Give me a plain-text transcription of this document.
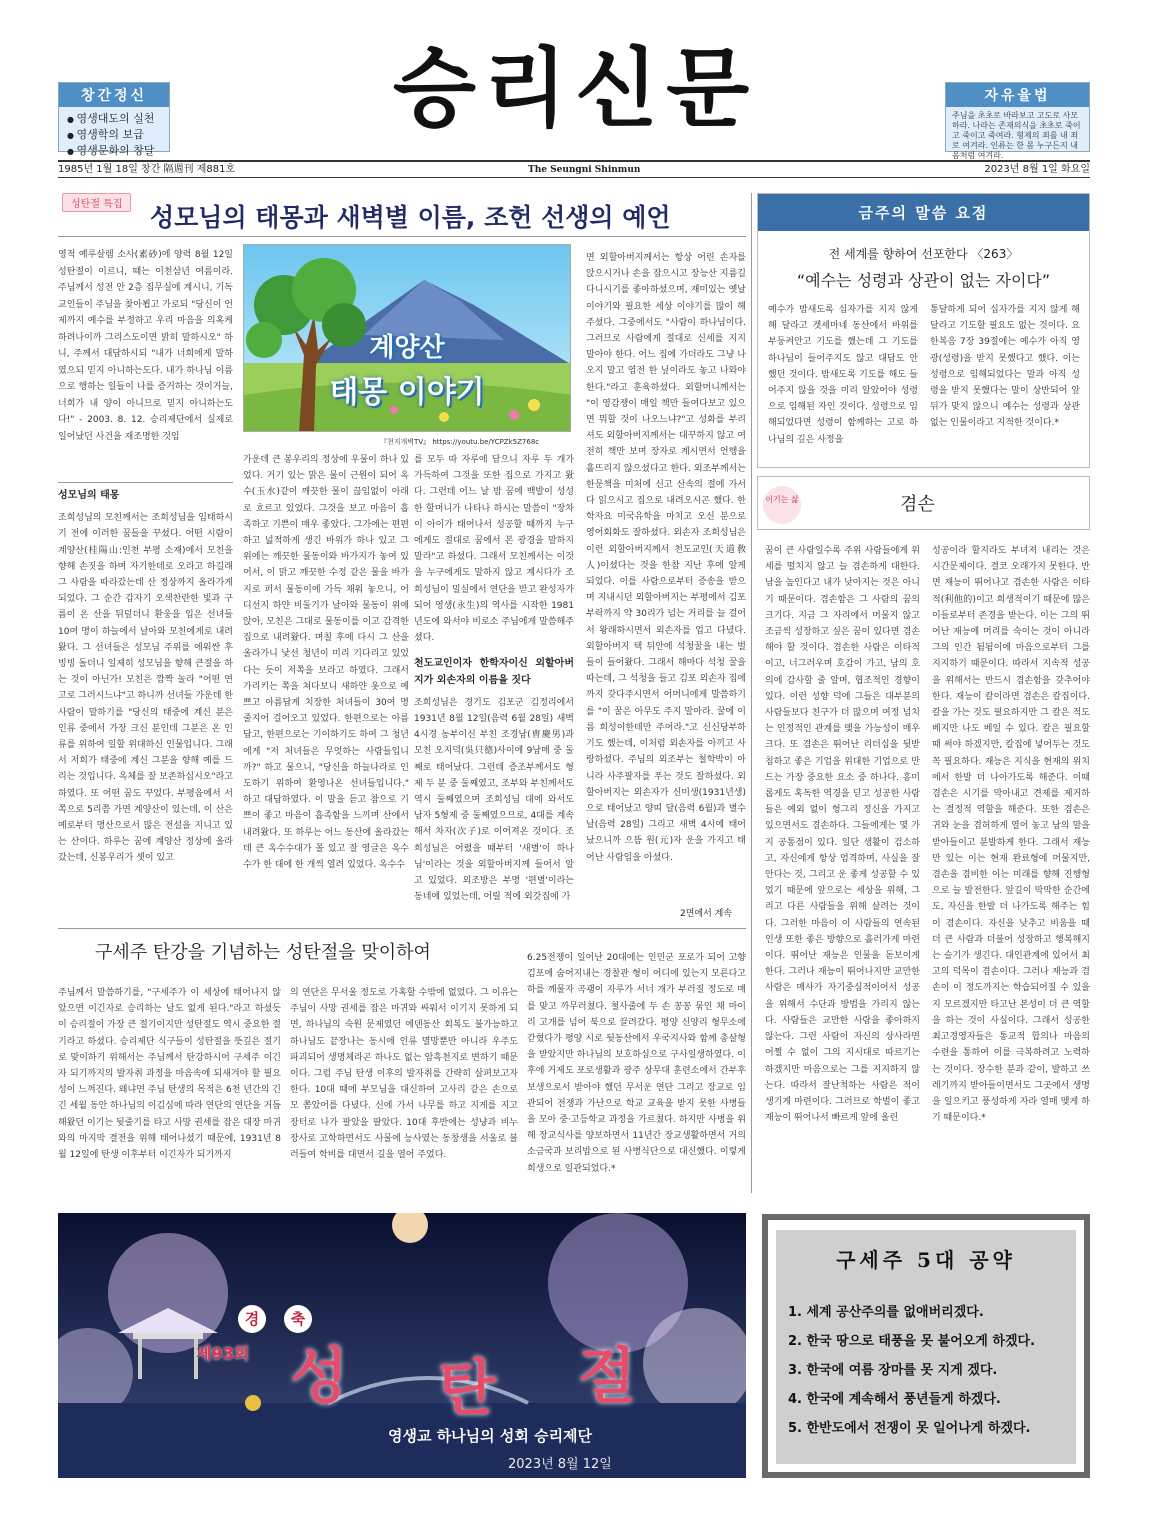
창간정신
● 영생대도의 실천
● 영생학의 보급
● 영생문화의 창달
승리신문	자유율법

주님을 초초로 바라보고 고도로 사모하라. 나라는 존재의식을 초초로 죽이고 죽이고 죽여라. 형제의 죄를 내 죄로 여겨라. 인류는 한 몸 누구든지 내몸처럼 여겨라.

1985년 1월 18일 창간 隔週刊 제881호	The Seungni Shinmun	2023년 8월 1일 화요일
성탄절 특집	성모님의 태몽과 새벽별 이름, 조헌 선생의 예언
영적 예루살렘 소사(素砂)에 양력 8월 12일 성탄절이 이르니, 때는 이천삼년 여름이라. 주님께서 성전 안 2층 집무실에 계시니, 기독교인들이 주님을 찾아뵙고 가로되 "당신이 언제까지 예수를 부정하고 우리 마음을 의혹케 하려나이까 그리스도이면 밝히 말하시오" 하니, 주께서 대답하시되 "내가 너희에게 말하였으되 믿지 아니하는도다. 내가 하나님 이름으로 행하는 일들이 나를 증거하는 것이거늘, 너희가 내 양이 아니므로 믿지 아니하는도다!" - 2003. 8. 12. 승리제단에서 실제로 일어났던 사건을 재조명한 것임
성모님의 태몽
조희성님의 모친께서는 조희성님을 임태하시기 전에 이러한 꿈들을 꾸셨다. 어떤 시람이 계양산(桂陽山:인천 부평 소재)에서 모친을 향해 손짓을 하며 자기한테로 오라고 하길래 그 사람을 따라갔는데 산 정상까지 올라가게 되었다. 그 순간 갑자기 오색찬란한 빛과 구름이 온 산을 뒤덮더니 환웅을 입은 선녀들 10여 명이 하늘에서 날아와 모친에게로 내려왔다. 그 선녀들은 성모님 주위를 에워싼 후 빙빙 돌더니 일제히 성모님을 향해 큰절을 하는 것이 아닌가! 모친은 깜짝 놀라 "어떤 연고로 그러시느냐"고 하니까 선녀들 가운데 한 사람이 말하기를 "당신의 태중에 계신 분은 인류 중에서 가장 크신 분인데 그분은 온 인류를 위하여 일할 위대하신 인물입니다. 그래서 저희가 태중에 계신 그분을 향해 예를 드리는 것입니다. 옥체를 잘 보존하십시오"라고 하였다. 또 어떤 꿈도 꾸었다. 부평읍에서 서쪽으로 5리쯤 가면 계양산이 있는데, 이 산은 예로부터 명산으로서 많은 전설을 지니고 있는 산이다. 하루는 꿈에 계양산 정상에 올라갔는데, 신봉우리가 셋이 있고
계양산
태몽 이야기
『천지개벽TV』 https://youtu.be/YCPZk5Z768c
가운데 큰 봉우리의 정상에 우물이 하나 있었다. 거기 있는 맑은 물이 근원이 되어 옥수(玉水)같이 깨끗한 물이 끊임없이 아래로 흐르고 있었다. 그것을 보고 마음이 흡족하고 기쁜이 매우 좋았다. 그가에는 편편하고 넓적하게 생긴 바위가 하나 있고 그 위에는 깨끗한 물동이와 바가지가 놓여 있어서, 이 맑고 깨끗한 수정 같은 물을 바가지로 퍼서 물동이에 가득 채워 놓으니, 어디선지 하얀 비둘기가 날아와 물동이 위에 앉아, 모친은 그대로 물동이를 이고 감격한 집으로 내려왔다. 며칠 후에 다시 그 산을 올라가니 낯선 청년이 미리 기다리고 있었다는 듯이 저쪽을 보라고 하였다. 그래서 가리키는 쪽을 쳐다보니 새하얀 옷으로 예쁘고 아름답게 치장한 처녀들이 30여 명 줄지어 걸어오고 있었다. 한편으로는 아름답고, 한편으로는 기이하기도 하여 그 청년에게 "저 처녀들은 무엇하는 사람들입니까?" 하고 물으니, "당신을 하늘나라로 인도하기 위하여 환영나온 선녀들입니다." 하고 대답하였다. 이 말을 듣고 참으로 기쁘이 좋고 마음이 흡족함을 느끼며 산에서 내려왔다. 또 하루는 어느 동산에 올라갔는데 큰 옥수수대가 몰 있고 잘 영글은 옥수수가 한 대에 한 개씩 열려 있었다. 옥수수
를 모두 따 자루에 담으니 자루 두 개가 가득하여 그것을 또한 집으로 가지고 왔다. 그런데 어느 날 밤 꿈에 백발이 성성한 할머니가 나타나 하시는 말씀이 "장차 이 아이가 태어나서 성공할 때까지 누구에게도 절대로 꿈에서 본 광경을 말하지 말라"고 하셨다. 그래서 모친께서는 이것을 누구에게도 말하지 않고 계시다가 조희성님이 밀실에서 연단을 받고 완성자가 되어 영생(永生)의 역사를 시작한 1981년도에 와서야 비로소 주님에게 말씀해주셨다.
천도교인이자 한학자이신 외할아버지가 외손자의 이름을 짓다
조희성님은 경기도 김포군 김정리에서 1931년 8월 12일(음력 6월 28일) 새벽 4시경 농부이신 부친 조경남(曺慶男)과 모친 오지덕(吳只德)사이에 9남매 중 둘째로 태어났다. 그런데 증조부께서도 형제 두 분 중 둘째였고, 조부와 부친께서도 역시 둘째였으며 조희성님 대에 와서도 남자 5형제 중 둘째였으므로, 4대를 계속해서 차자(次子)로 이어져온 것이다. 조희성님은 어렸을 때부터 '새별'이 하나님'이라는 것을 외할아버지께 들어서 알고 있었다. 외조방은 부명 '편별'이라는 동네에 있었는데, 어릴 적에 외갓집에 가
면 외할아버지께서는 항상 어린 손자를 앉으시거나 손을 잡으시고 장능산 지름길 다니시기를 좋아하셨으며, 재미있는 옛날이야기와 필요한 세상 이야기를 많이 해 주셨다. 그중에서도 "사람이 하나님이다. 그러므로 사람에게 절대로 신세를 지지 말아야 한다. 어느 집에 가더라도 그냥 나오지 말고 염전 한 닢이라도 놓고 나와야 한다."라고 훈육하셨다. 외할머니께서는 "이 영감쟁이 매일 책만 들여다보고 있으면 뭐할 것이 나오느냐?"고 성화를 부리셔도 외할아버지께서는 대꾸하지 않고 여전히 책만 보며 장자로 계시면서 언행을 흩뜨리지 않으셨다고 한다. 외조부께서는 한문책을 미처에 신고 산속의 절에 가서 다 읽으시고 집으로 내려오시곤 했다. 한학자요 미국유학을 마치고 오신 분으로 영어회화도 잘하셨다. 외손자 조희성님은 이런 외할아버지께서 천도교인(天道敎人)이셨다는 것을 한참 지난 후에 알게 되었다. 이를 사람으로부터 증송을 받으며 지내시던 외할아버지는 부평에서 김포 부락까지 약 30리가 넘는 거리를 늘 걸어서 왕래하시면서 외손자를 업고 다녔다. 외할아버지 택 뒤안에 석청꿀을 내는 벌들이 들어왔다. 그래서 해마다 석청 꿀을 따는데, 그 석청을 들고 김포 외손자 집에까지 갖다주시면서 어머니에게 말씀하기를 "이 꿀은 아무도 주지 말아라. 꿀에 이름 희성이한테만 주어라."고 신신당부하기도 했는데, 이처럼 외손자를 아끼고 사랑하셨다. 주님의 외조부는 철학박이 아니라 사주팔자를 푸는 것도 잘하셨다. 외할아버지는 외손자가 신미생(1931년생)으로 태어났고 양띠 달(음력 6월)과 별수 날(음력 28일) 그리고 새벽 4시에 태어났으니까 으뜸 원(元)자 운을 가지고 태어난 사람임을 아셨다.
2면에서 계속
금주의 말씀 요점
전 세계를 향하여 선포한다 〈263〉
“예수는 성령과 상관이 없는 자이다”
예수가 밤새도록 십자가를 지지 않게 해 달라고 겟세마네 동산에서 바위를 부둥켜안고 기도를 했는데 그 기도를 하나님이 들어주지도 않고 대답도 안 했던 것이다. 밤새도록 기도를 해도 들어주지 않을 것을 미리 알았어야 성령으로 임해된 자인 것이다. 성령으로 임해되었다면 성령이 함께하는 고로 하나님의 깊은 사정을
통달하게 되어 십자가를 지지 않게 해 달라고 기도할 필요도 없는 것이다. 요한복음 7장 39절에는 예수가 아직 영광(성령)을 받지 못했다고 했다. 이는 성령으로 임해되었다는 말과 아직 성령을 받지 못했다는 말이 상반되어 앞뒤가 맞지 않으니 예수는 성령과 상관없는 인물이라고 지적한 것이다.*
이기는 삶	겸손
꿈이 큰 사람일수록 주위 사람들에게 위세를 떨치지 않고 늘 겸손하게 대한다. 남을 높인다고 내가 낮아지는 것은 아니기 때문이다. 겸손함은 그 사람의 꿈의 크기다. 지금 그 자리에서 머물지 않고 조금씩 성장하고 싶은 꿈이 있다면 겸손해야 할 것이다. 겸손한 사람은 이타적이고, 너그러우며 호감이 가고, 남의 호의에 감사할 줄 알며, 협조적인 경향이 있다. 이런 성향 덕에 그들은 대부분의 사람들보다 친구가 더 많으며 여정 넘치는 인정적인 관계를 맺을 가능성이 매우 크다. 또 겸손은 뛰어난 리더십을 뒷받침하고 좋은 기업을 위대한 기업으로 만드는 가장 중요한 요소 중 하나다. 흥미롭게도 혹독한 역경을 딛고 성공한 사람들은 예외 없이 헝그리 정신을 가지고 있으면서도 겸손하다. 그들에게는 몇 가지 공통점이 있다. 일단 생활이 검소하고, 자신에게 항상 엄격하며, 사실을 잘 안다는 것, 그리고 운 좋게 성공할 수 있었기 때문에 앞으로는 세상을 위해, 그리고 다른 사람들을 위해 살려는 것이다. 그러한 마음이 이 사람들의 연속된 인생 또한 좋은 방향으로 흘러가게 마련이다. 뛰어난 재능은 인물을 돋보이게 한다. 그러나 재능이 뛰어나지만 교만한 사람은 매사가 자기중심적이어서 성공을 위해서 수단과 방법을 가리지 않는다. 사람들은 교만한 사람을 좋아하지 않는다. 그런 사람이 자신의 상사라면 어쩔 수 없이 그의 지시대로 따르기는 하겠지만 마음으로는 그를 지지하지 않는다. 따라서 잘난척하는 사람은 적이 생기게 마련이다. 그러므로 학벌이 좋고 재능이 뛰어나서 빠르게 앞에 올린
성공이라 할지라도 부녀져 내리는 것은 시간문제이다. 결코 오래가지 못한다. 반면 재능이 뛰어나고 겸손한 사람은 이타적(利他的)이고 희생적이기 때문에 많은 이들로부터 존경을 받는다. 이는 그의 뛰어난 재능에 머리를 숙이는 것이 아니라 그의 인간 됨됨이에 마음으로부터 그를 지지하기 때문이다. 따라서 지속적 성공을 위해서는 반드시 겸손함을 갖추어야 한다. 재능이 칼이라면 겸손은 칼집이다. 칼을 가는 것도 필요하지만 그 칼은 적도 베지만 나도 베일 수 있다. 칼은 필요할 때 써야 하겠지만, 칼집에 넣어두는 것도 꼭 필요하다. 재능은 지식을 현재의 위치에서 한발 더 나아가도록 해준다. 이때 겸손은 시기를 막아내고 견제를 제거하는 결정적 역할을 해준다. 또한 겸손은 귀와 눈을 겸허하게 열어 놓고 남의 말을 받아들이고 분발하게 한다. 그래서 재능만 있는 이는 현재 완료형에 머물지만, 겸손을 겸비한 이는 미래를 향해 진행형으로 늘 발전한다. 앞길이 막막한 순간에도, 자신을 한발 더 나가도록 해주는 힘이 겸손이다. 자신을 낮추고 비움을 때 더 큰 사람과 더불어 성장하고 행복해지는 슬기가 생긴다. 대인관계에 있어서 최고의 덕목이 겸손이다. 그러나 재능과 겸손이 이 정도까지는 학습되어질 수 있을지 모르겠지만 타고난 본성이 더 큰 역할을 하는 것이 사실이다. 그래서 성공한 최고경영자들은 통교적 합의나 마음의 수련을 통하여 이를 극복하려고 노력하는 것이다. 장수한 분과 같이, 발하고 쓰레기까지 받아들이면서도 그곳에서 생명을 일으키고 풍성하게 자라 열매 맺게 하기 때문이다.*
구세주 탄강을 기념하는 성탄절을 맞이하여
주님께서 말씀하기를, "구세주가 이 세상에 태어나지 않았으면 이긴자로 승리하는 날도 없게 된다."라고 하셨듯이 승리절이 가장 큰 절기이지만 성탄절도 역시 중요한 절기라고 하셨다. 승리제단 식구들이 성탄절을 뜻깊은 절기로 맞이하기 위해서는 주님께서 탄강하시어 구세주 이긴자 되기까지의 발자취 과정을 마음속에 되새겨야 할 필요성이 느껴진다. 왜냐면 주님 탄생의 목적은 6천 년간의 긴긴 세월 동안 하나님의 이김심에 따라 연단의 연단을 거듭해왔던 이기는 뒷줄기를 타고 사망 권세를 잡은 대장 마귀와의 마지막 결전을 위해 태어나셨기 때문에, 1931년 8월 12일에 탄생 이후부터 이긴자가 되기까지
의 연단은 무서울 정도로 가혹할 수밖에 없었다. 그 이유는 주님이 사망 권세를 잡은 마귀와 싸워서 이기지 못하게 되면, 하나님의 숙원 문제였던 에덴동산 회복도 불가능하고 하나님도 끝장나는 동시에 인류 멸망뿐만 아니라 우주도 파괴되어 생명체라곤 하나도 없는 암흑천지로 변하기 때문이다. 그럼 주님 탄생 이후의 발자취를 간략히 살펴보고자 한다. 10대 때에 부모님을 대신하여 고사리 같은 손으로 모 쫌았어를 다녔다. 신에 가서 나무를 하고 지게를 지고 장터로 나가 팔았을 팔았다. 10대 후반에는 성냥과 비누 장사로 고학하면서도 사물에 능사였는 동창생을 서울로 불러들여 학비를 대면서 길을 열어 주었다.
6.25전쟁이 일어난 20대에는 인민군 포로가 되어 고향 김포에 숨어지내는 경찰관 형이 어디에 있는지 모른다고 하를 깨물자 곡괭이 자루가 서너 개가 부러질 정도로 매를 맞고 까무러쳤다. 철사줄에 두 손 꽁꽁 묶인 채 마이리 고개를 넘어 북으로 끌려갔다. 평양 신양리 형무소에 갇혔다가 평양 시로 뒷동산에서 우국지사와 함께 총살형을 받았지만 하나님의 보호하심으로 구사일생하였다. 이후에 거제도 포로생활과 광주 상무대 훈련소에서 간부후보생으로서 받아야 했던 무서운 연단 그리고 장교로 임관되어 전쟁과 가난으로 학교 교육을 받지 못한 사병들을 모아 중·고등학교 과정을 가르쳤다. 하지만 사병을 위해 장교식사를 양보하면서 11년간 장교생활하면서 거의 소금국과 보리밥으로 된 사병식단으로 대신했다. 이렇게 희생으로 일관되었다.*
경	축
제93회 성 탄 절
영생교 하나님의 성회 승리제단
2023년 8월 12일
구세주 5대 공약
1. 세계 공산주의를 없애버리겠다.
2. 한국 땅으로 태풍을 못 불어오게 하겠다.
3. 한국에 여름 장마를 못 지게 겠다.
4. 한국에 계속해서 풍년들게 하겠다.
5. 한반도에서 전쟁이 못 일어나게 하겠다.
